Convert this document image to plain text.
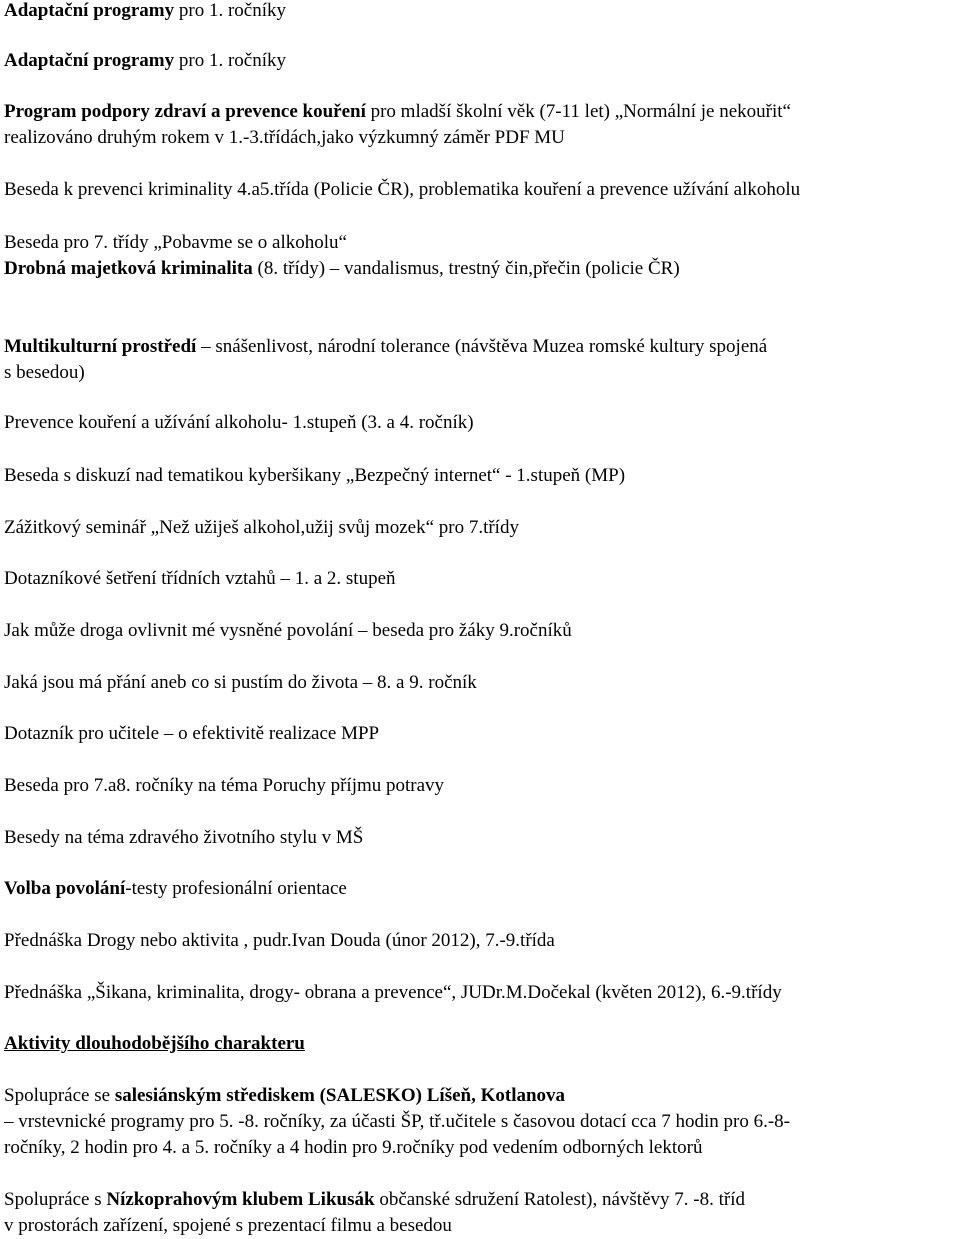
Adaptační programy pro 1. ročníky
Adaptační programy pro 1. ročníky
Program podpory zdraví a prevence kouření pro mladší školní věk (7-11 let) „Normální je nekouřit“
realizováno druhým rokem v 1.-3.třídách,jako výzkumný záměr PDF MU
Beseda k prevenci kriminality 4.a5.třída (Policie ČR), problematika kouření a prevence užívání alkoholu
Beseda pro 7. třídy „Pobavme se o alkoholu“
Drobná majetková kriminalita (8. třídy) – vandalismus, trestný čin,přečin (policie ČR)
Multikulturní prostředí – snášenlivost, národní tolerance (návštěva Muzea romské kultury spojená
s besedou)
Prevence kouření a užívání alkoholu- 1.stupeň (3. a 4. ročník)
Beseda s diskuzí nad tematikou kyberšikany „Bezpečný internet“ - 1.stupeň (MP)
Zážitkový seminář „Než užiješ alkohol,užij svůj mozek“ pro 7.třídy
Dotazníkové šetření třídních vztahů – 1. a 2. stupeň
Jak může droga ovlivnit mé vysněné povolání – beseda pro žáky 9.ročníků
Jaká jsou má přání aneb co si pustím do života – 8. a 9. ročník
Dotazník pro učitele – o efektivitě realizace MPP
Beseda pro 7.a8. ročníky na téma Poruchy příjmu potravy
Besedy na téma zdravého životního stylu v MŠ
Volba povolání-testy profesionální orientace
Přednáška Drogy nebo aktivita , pudr.Ivan Douda (únor 2012), 7.-9.třída
Přednáška „Šikana, kriminalita, drogy- obrana a prevence“, JUDr.M.Dočekal (květen 2012), 6.-9.třídy
Aktivity dlouhodobějšího charakteru
Spolupráce se salesiánským střediskem (SALESKO) Líšeň, Kotlanova
– vrstevnické programy pro 5. -8. ročníky, za účasti ŠP, tř.učitele s časovou dotací cca 7 hodin pro 6.-8-
ročníky, 2 hodin pro 4. a 5. ročníky a 4 hodin pro 9.ročníky pod vedením odborných lektorů
Spolupráce s Nízkoprahovým klubem Likusák občanské sdružení Ratolest), návštěvy 7. -8. tříd
v prostorách zařízení, spojené s prezentací filmu a besedou
